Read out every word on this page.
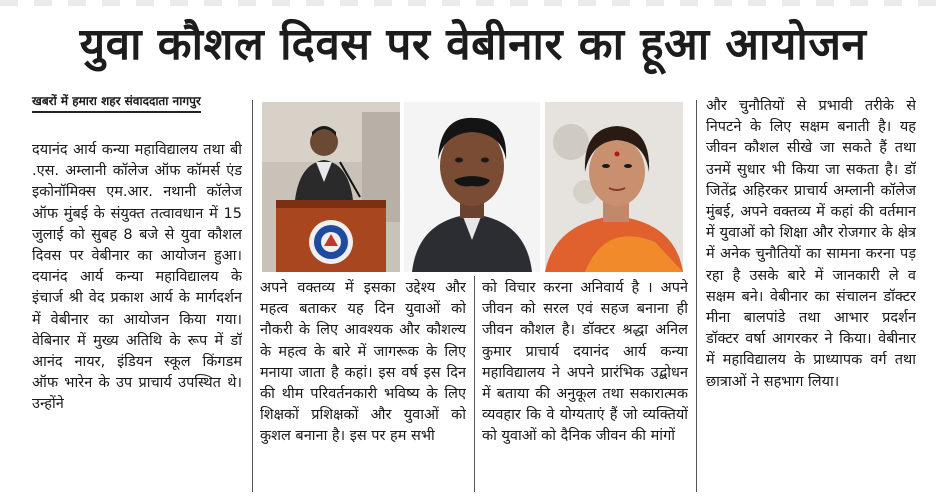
युवा कौशल दिवस पर वेबीनार का हूआ आयोजन
खबरों में हमारा शहर संवाददाता नागपुर

दयानंद आर्य कन्या महाविद्यालय तथा बी .एस. अम्लानी कॉलेज ऑफ कॉमर्स एंड इकोनॉमिक्स एम.आर. नथानी कॉलेज ऑफ मुंबई के संयुक्त तत्वावधान में 15 जुलाई को सुबह 8 बजे से युवा कौशल दिवस पर वेबीनार का आयोजन हुआ। दयानंद आर्य कन्या महाविद्यालय के इंचार्ज श्री वेद प्रकाश आर्य के मार्गदर्शन में वेबीनार का आयोजन किया गया। वेबिनार में मुख्य अतिथि के रूप में डॉ आनंद नायर, इंडियन स्कूल किंगडम ऑफ भारेन के उप प्राचार्य उपस्थित थे। उन्होंने

अपने वक्तव्य में इसका उद्देश्य और महत्व बताकर यह दिन युवाओं को नौकरी के लिए आवश्यक और कौशल्य के महत्व के बारे में जागरूक के लिए मनाया जाता है कहां। इस वर्ष इस दिन की थीम परिवर्तनकारी भविष्य के लिए शिक्षकों प्रशिक्षकों और युवाओं को कुशल बनाना है। इस पर हम सभी

को विचार करना अनिवार्य है । अपने जीवन को सरल एवं सहज बनाना ही जीवन कौशल है। डॉक्टर श्रद्धा अनिल कुमार प्राचार्य दयानंद आर्य कन्या महाविद्यालय ने अपने प्रारंभिक उद्बोधन में बताया की अनुकूल तथा सकारात्मक व्यवहार कि वे योग्यताएं हैं जो व्यक्तियों को युवाओं को दैनिक जीवन की मांगों

और चुनौतियों से प्रभावी तरीके से निपटने के लिए सक्षम बनाती है। यह जीवन कौशल सीखे जा सकते हैं तथा उनमें सुधार भी किया जा सकता है। डॉ जितेंद्र अहिरकर प्राचार्य अम्लानी कॉलेज मुंबई, अपने वक्तव्य में कहां की वर्तमान में युवाओं को शिक्षा और रोजगार के क्षेत्र में अनेक चुनौतियों का सामना करना पड़ रहा है उसके बारे में जानकारी ले व सक्षम बने। वेबीनार का संचालन डॉक्टर मीना बालपांडे तथा आभार प्रदर्शन डॉक्टर वर्षा आगरकर ने किया। वेबीनार में महाविद्यालय के प्राध्यापक वर्ग तथा छात्राओं ने सहभाग लिया।
